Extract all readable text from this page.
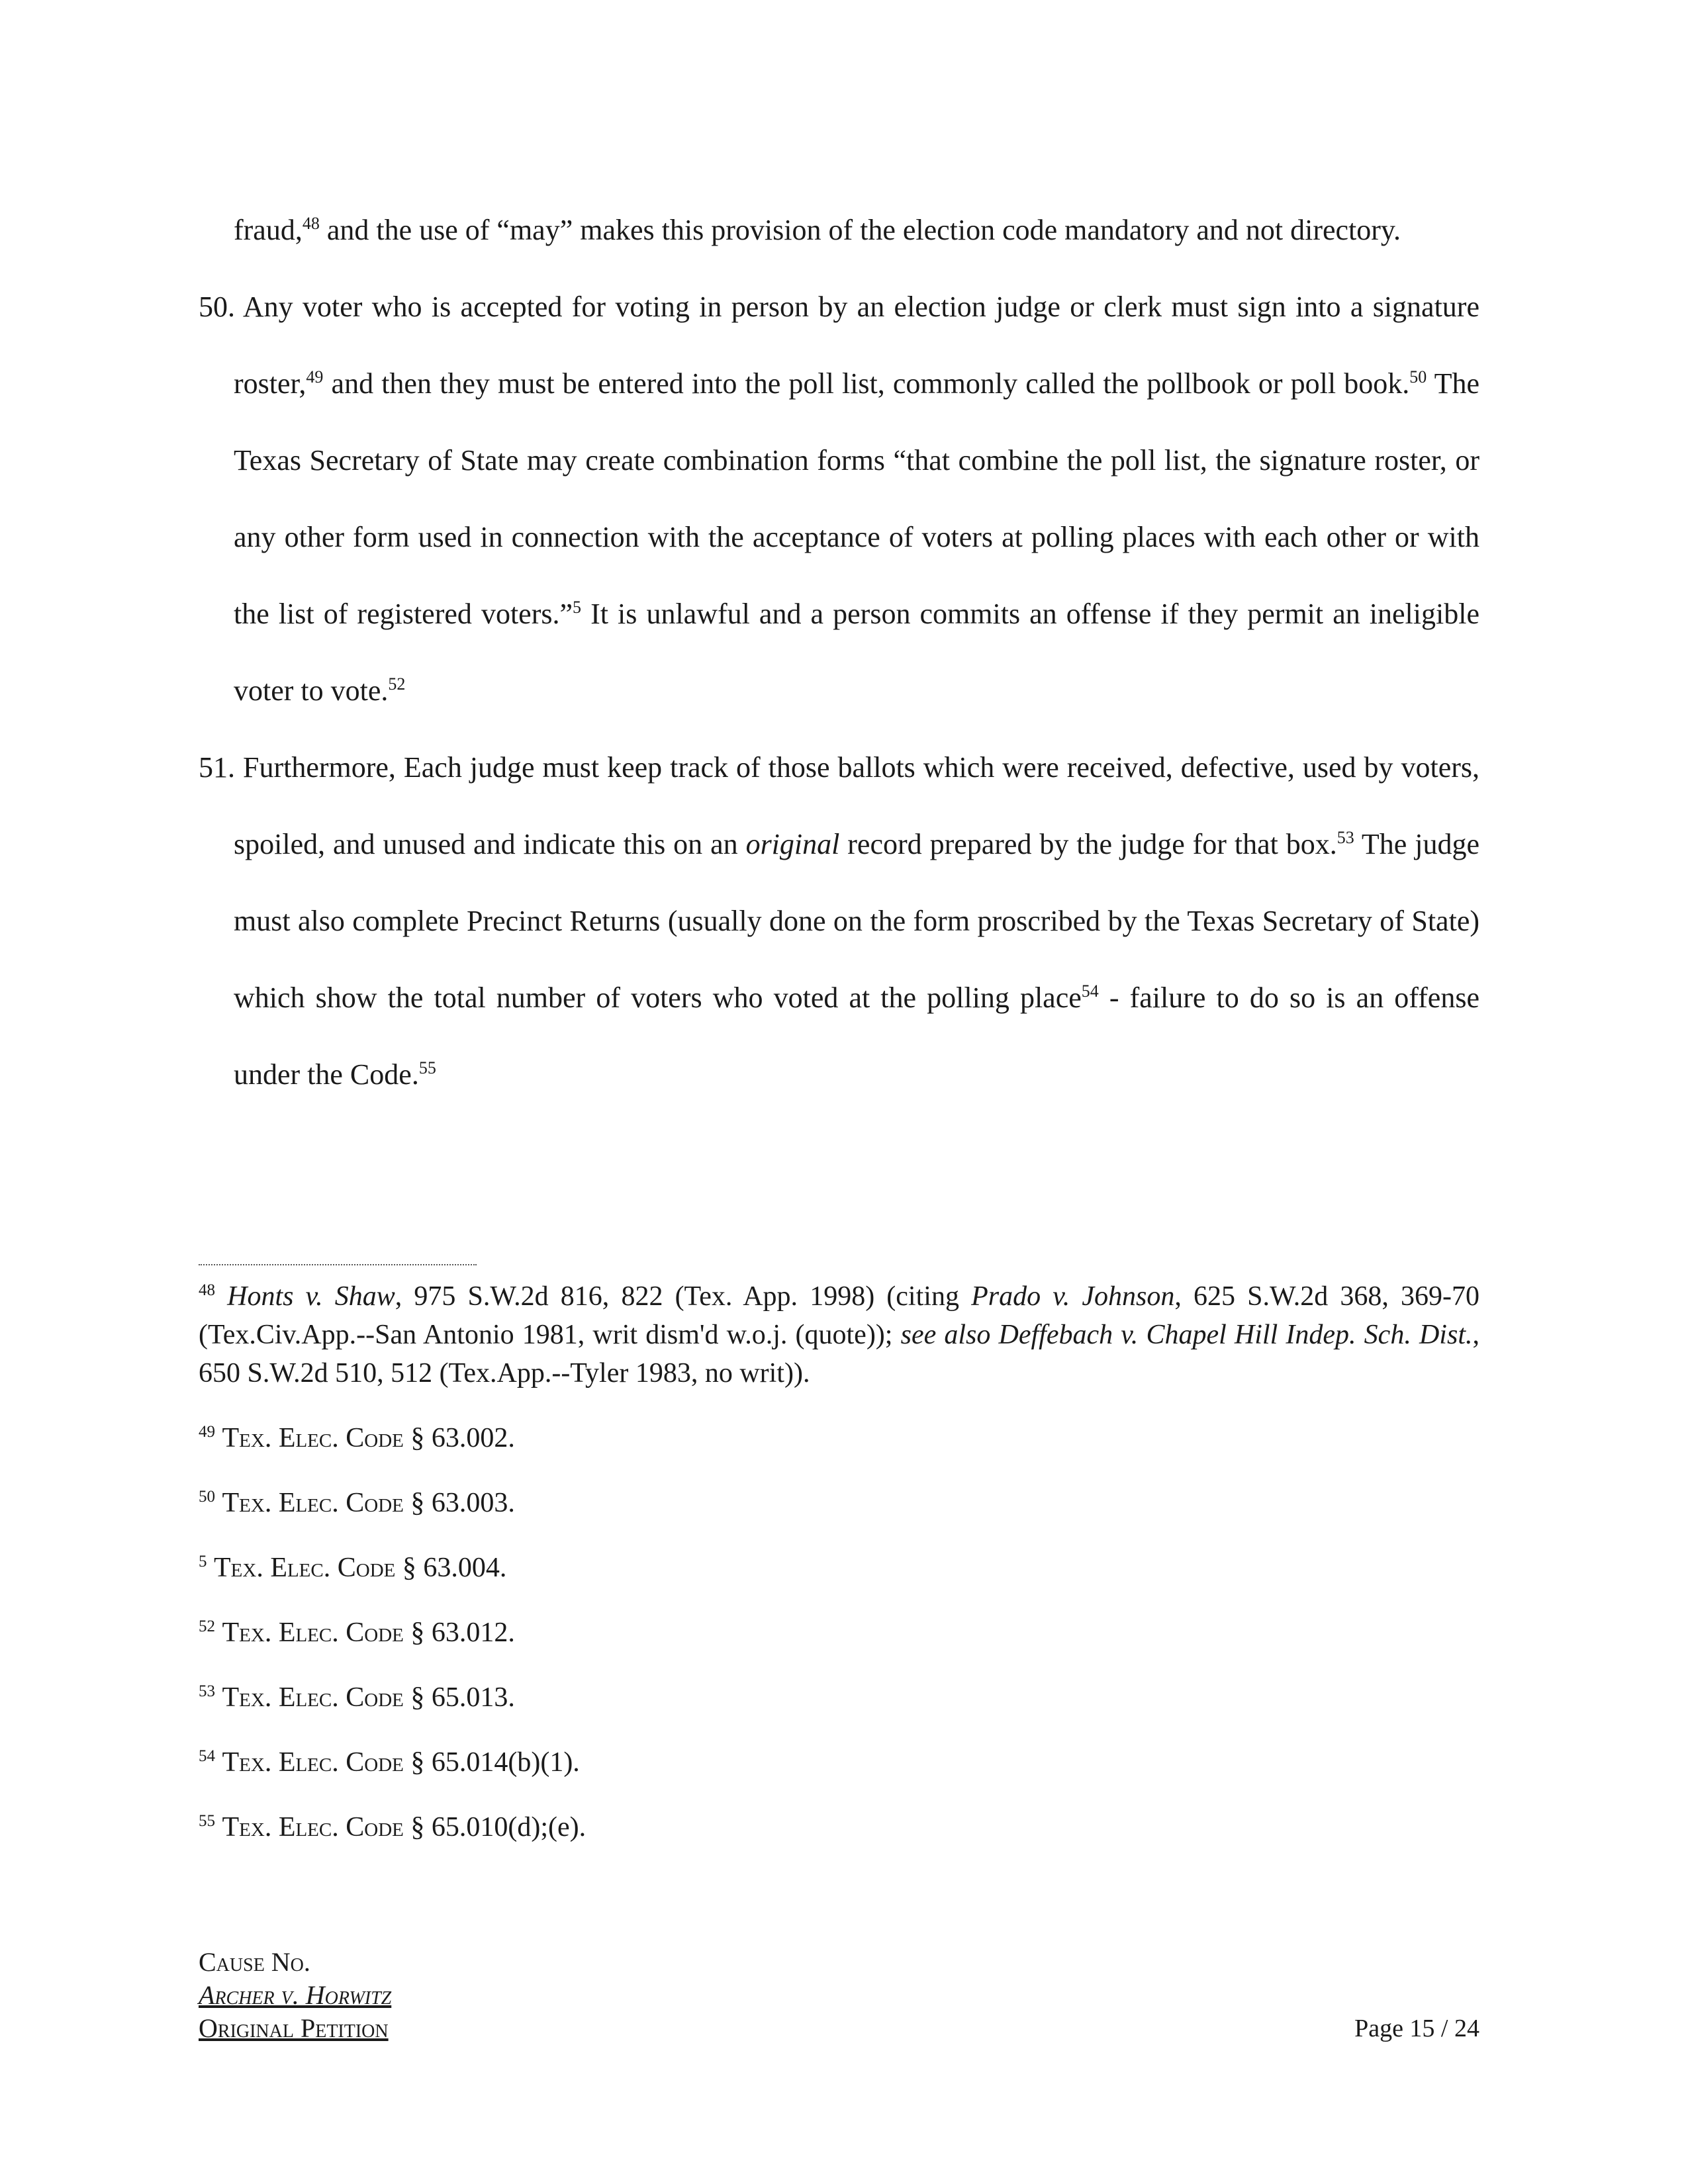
fraud,$^{48}$ and the use of “may” makes this provision of the election code mandatory and not directory.

50. Any voter who is accepted for voting in person by an election judge or clerk must sign into a signature roster,$^{49}$ and then they must be entered into the poll list, commonly called the pollbook or poll book.$^{50}$ The Texas Secretary of State may create combination forms “that combine the poll list, the signature roster, or any other form used in connection with the acceptance of voters at polling places with each other or with the list of registered voters.”$^5$ It is unlawful and a person commits an offense if they permit an ineligible voter to vote.$^{52}$

51. Furthermore, Each judge must keep track of those ballots which were received, defective, used by voters, spoiled, and unused and indicate this on an original record prepared by the judge for that box.$^{53}$ The judge must also complete Precinct Returns (usually done on the form proscribed by the Texas Secretary of State) which show the total number of voters who voted at the polling place$^{54}$ - failure to do so is an offense under the Code.$^{55}$

$^{48}$ Honts v. Shaw, 975 S.W.2d 816, 822 (Tex. App. 1998) (citing Prado v. Johnson, 625 S.W.2d 368, 369-70 (Tex.Civ.App.--San Antonio 1981, writ dism'd w.o.j. (quote)); see also Deffebach v. Chapel Hill Indep. Sch. Dist., 650 S.W.2d 510, 512 (Tex.App.--Tyler 1983, no writ)).

$^{49}$ Tex. Elec. Code § 63.002.

$^{50}$ Tex. Elec. Code § 63.003.

$^5$ Tex. Elec. Code § 63.004.

$^{52}$ Tex. Elec. Code § 63.012.

$^{53}$ Tex. Elec. Code § 65.013.

$^{54}$ Tex. Elec. Code § 65.014(b)(1).

$^{55}$ Tex. Elec. Code § 65.010(d);(e).

Cause No.
Archer v. Horwitz
Original Petition	Page 15 / 24
